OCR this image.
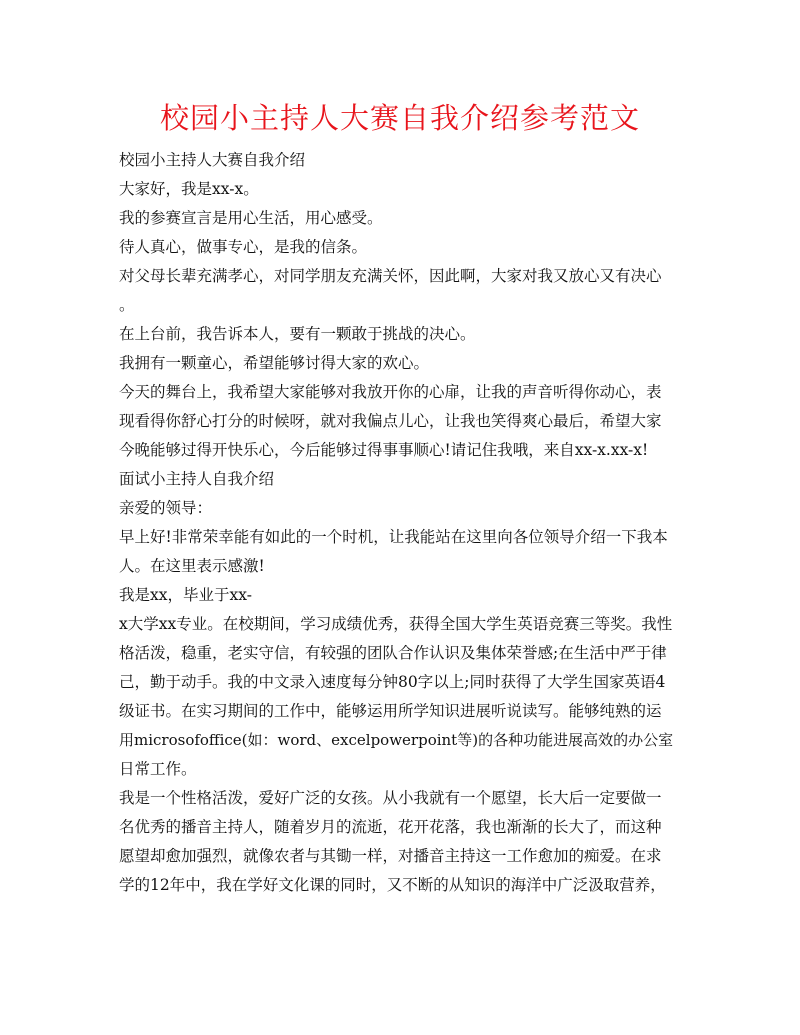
校园小主持人大赛自我介绍参考范文

校园小主持人大赛自我介绍

大家好，我是xx-x。

我的参赛宣言是用心生活，用心感受。

待人真心，做事专心，是我的信条。

对父母长辈充满孝心，对同学朋友充满关怀，因此啊，大家对我又放心又有决心

。

在上台前，我告诉本人，要有一颗敢于挑战的决心。

我拥有一颗童心，希望能够讨得大家的欢心。

今天的舞台上，我希望大家能够对我放开你的心扉，让我的声音听得你动心，表

现看得你舒心打分的时候呀，就对我偏点儿心，让我也笑得爽心最后，希望大家

今晚能够过得开快乐心，今后能够过得事事顺心!请记住我哦，来自xx-x.xx-x!

面试小主持人自我介绍

亲爱的领导：

早上好!非常荣幸能有如此的一个时机，让我能站在这里向各位领导介绍一下我本

人。在这里表示感激!

我是xx，毕业于xx-

x大学xx专业。在校期间，学习成绩优秀，获得全国大学生英语竞赛三等奖。我性

格活泼，稳重，老实守信，有较强的团队合作认识及集体荣誉感;在生活中严于律

己，勤于动手。我的中文录入速度每分钟80字以上;同时获得了大学生国家英语4

级证书。在实习期间的工作中，能够运用所学知识进展听说读写。能够纯熟的运

用microsofoffice(如：word、excelpowerpoint等)的各种功能进展高效的办公室

日常工作。

我是一个性格活泼，爱好广泛的女孩。从小我就有一个愿望，长大后一定要做一

名优秀的播音主持人，随着岁月的流逝，花开花落，我也渐渐的长大了，而这种

愿望却愈加强烈，就像农者与其锄一样，对播音主持这一工作愈加的痴爱。在求

学的12年中，我在学好文化课的同时，又不断的从知识的海洋中广泛汲取营养，
